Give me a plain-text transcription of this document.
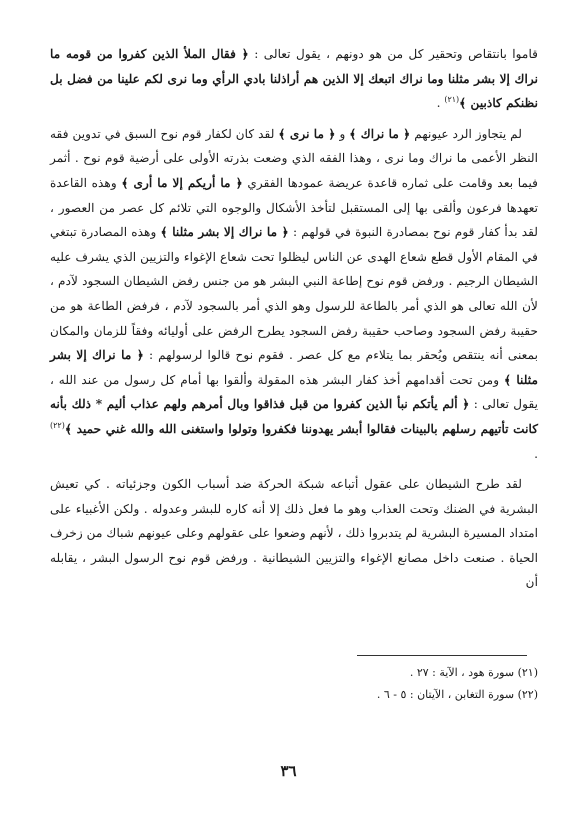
قاموا بانتقاص وتحقير كل من هو دونهم ، يقول تعالى : ﴿ فقال الملأ الذين كفروا من قومه ما نراك إلا بشر مثلنا وما نراك اتبعك إلا الذين هم أراذلنا بادي الرأي وما نرى لكم علينا من فضل بل نظنكم كاذبين ﴾$^{(٢١)}$ .

لم يتجاوز الرد عيونهم ﴿ ما نراك ﴾ و ﴿ ما نرى ﴾ لقد كان لكفار قوم نوح السبق في تدوين فقه النظر الأعمى ما نراك وما نرى ، وهذا الفقه الذي وضعت بذرته الأولى على أرضية قوم نوح . أثمر فيما بعد وقامت على ثماره قاعدة عريضة عمودها الفقري ﴿ ما أريكم إلا ما أرى ﴾ وهذه القاعدة تعهدها فرعون وألقى بها إلى المستقبل لتأخذ الأشكال والوجوه التي تلائم كل عصر من العصور ، لقد بدأ كفار قوم نوح بمصادرة النبوة في قولهم : ﴿ ما نراك إلا بشر مثلنا ﴾ وهذه المصادرة تبتغي في المقام الأول قطع شعاع الهدى عن الناس ليظلوا تحت شعاع الإغواء والتزيين الذي يشرف عليه الشيطان الرجيم . ورفض قوم نوح إطاعة النبي البشر هو من جنس رفض الشيطان السجود لآدم ، لأن الله تعالى هو الذي أمر بالطاعة للرسول وهو الذي أمر بالسجود لآدم ، فرفض الطاعة هو من حقيبة رفض السجود وصاحب حقيبة رفض السجود يطرح الرفض على أوليائه وفقاً للزمان والمكان بمعنى أنه ينتقص ويُحقر بما يتلاءم مع كل عصر . فقوم نوح قالوا لرسولهم : ﴿ ما نراك إلا بشر مثلنا ﴾ ومن تحت أقدامهم أخذ كفار البشر هذه المقولة وألقوا بها أمام كل رسول من عند الله ، يقول تعالى : ﴿ ألم يأتكم نبأ الذين كفروا من قبل فذاقوا وبال أمرهم ولهم عذاب أليم * ذلك بأنه كانت تأتيهم رسلهم بالبينات فقالوا أبشر يهدوننا فكفروا وتولوا واستغنى الله والله غني حميد ﴾$^{(٢٢)}$ .

لقد طرح الشيطان على عقول أتباعه شبكة الحركة ضد أسباب الكون وجزئياته . كي تعيش البشرية في الضنك وتحت العذاب وهو ما فعل ذلك إلا أنه كاره للبشر وعدوله . ولكن الأغبياء على امتداد المسيرة البشرية لم يتدبروا ذلك ، لأنهم وضعوا على عقولهم وعلى عيونهم شباك من زخرف الحياة . صنعت داخل مصانع الإغواء والتزيين الشيطانية . ورفض قوم نوح الرسول البشر ، يقابله أن

(٢١) سورة هود ، الآية : ٢٧ .
(٢٢) سورة التغابن ، الآيتان : ٥ - ٦ .
٣٦
